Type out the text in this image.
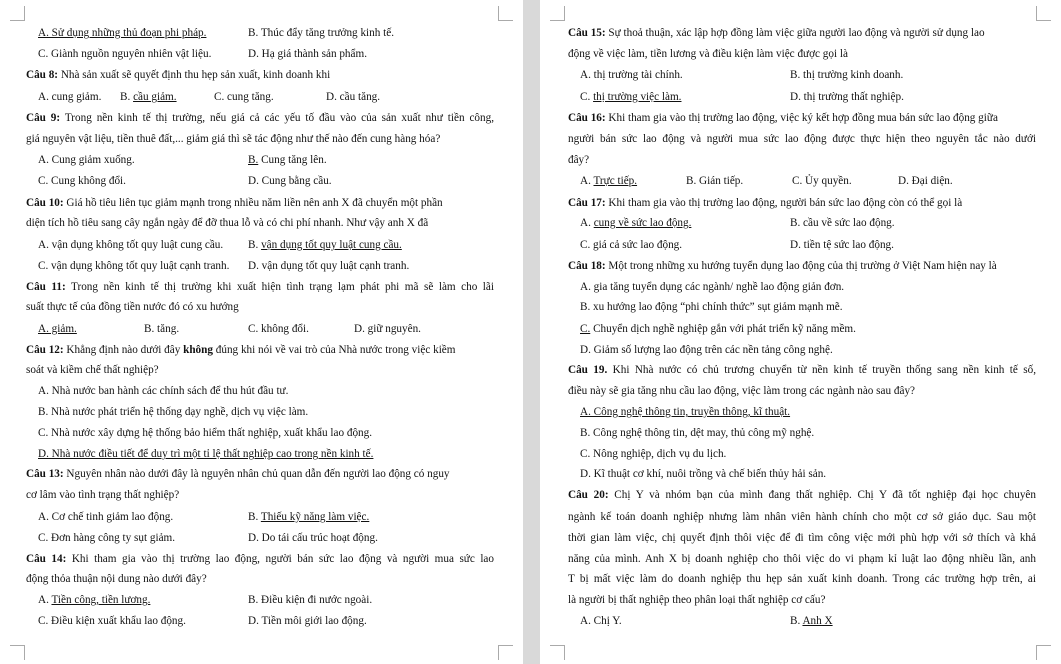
A. Sử dụng những thủ đoạn phi pháp.	B. Thúc đẩy tăng trưởng kinh tế.
C. Giành nguồn nguyên nhiên vật liệu.	D. Hạ giá thành sản phẩm.
Câu 8: Nhà sản xuất sẽ quyết định thu hẹp sản xuất, kinh doanh khi
A. cung giảm. B. cầu giảm.	C. cung tăng.	D. cầu tăng.
Câu 9: Trong nền kinh tế thị trường, nếu giá cả các yếu tố đầu vào của sản xuất như tiền công,
giá nguyên vật liệu, tiền thuê đất,... giảm giá thì sẽ tác động như thế nào đến cung hàng hóa?
A. Cung giảm xuống.	B. Cung tăng lên.
C. Cung không đổi.	D. Cung bằng cầu.
Câu 10: Giá hồ tiêu liên tục giảm mạnh trong nhiều năm liền nên anh X đã chuyển một phần
diện tích hồ tiêu sang cây ngắn ngày để đỡ thua lỗ và có chi phí nhanh. Như vậy anh X đã
A. vận dụng không tốt quy luật cung cầu. B. vận dụng tốt quy luật cung cầu.
C. vận dụng không tốt quy luật cạnh tranh. D. vận dụng tốt quy luật cạnh tranh.
Câu 11: Trong nền kinh tế thị trường khi xuất hiện tình trạng lạm phát phi mã sẽ làm cho lãi
suất thực tế của đồng tiền nước đó có xu hướng
A. giảm.	B. tăng.	C. không đổi.	D. giữ nguyên.
Câu 12: Khẳng định nào dưới đây không đúng khi nói về vai trò của Nhà nước trong việc kiềm
soát và kiềm chế thất nghiệp?
A. Nhà nước ban hành các chính sách để thu hút đầu tư.
B. Nhà nước phát triển hệ thống dạy nghề, dịch vụ việc làm.
C. Nhà nước xây dựng hệ thống bảo hiểm thất nghiệp, xuất khẩu lao động.
D. Nhà nước điều tiết để duy trì một tỉ lệ thất nghiệp cao trong nền kinh tế.
Câu 13: Nguyên nhân nào dưới đây là nguyên nhân chủ quan dẫn đến người lao động có nguy
cơ lâm vào tình trạng thất nghiệp?
A. Cơ chế tinh giảm lao động.	B. Thiếu kỹ năng làm việc.
C. Đơn hàng công ty sụt giảm.	D. Do tái cấu trúc hoạt động.
Câu 14: Khi tham gia vào thị trường lao động, người bán sức lao động và người mua sức lao
động thỏa thuận nội dung nào dưới đây?
A. Tiền công, tiền lương.	B. Điều kiện đi nước ngoài.
C. Điều kiện xuất khẩu lao động.	D. Tiền môi giới lao động.
Câu 15: Sự thoả thuận, xác lập hợp đồng làm việc giữa người lao động và người sử dụng lao
động về việc làm, tiền lương và điều kiện làm việc được gọi là
A. thị trường tài chính.	B. thị trường kinh doanh.
C. thị trường việc làm.	D. thị trường thất nghiệp.
Câu 16: Khi tham gia vào thị trường lao động, việc ký kết hợp đồng mua bán sức lao động giữa
người bán sức lao động và người mua sức lao động được thực hiện theo nguyên tắc nào dưới
đây?
A. Trực tiếp.	B. Gián tiếp.	C. Ủy quyền.	D. Đại diện.
Câu 17: Khi tham gia vào thị trường lao động, người bán sức lao động còn có thể gọi là
A. cung về sức lao động.	B. cầu về sức lao động.
C. giá cả sức lao động.	D. tiền tệ sức lao động.
Câu 18: Một trong những xu hướng tuyển dụng lao động của thị trường ở Việt Nam hiện nay là
A. gia tăng tuyển dụng các ngành/ nghề lao động giản đơn.
B. xu hướng lao động “phi chính thức” sụt giảm mạnh mẽ.
C. Chuyển dịch nghề nghiệp gắn với phát triển kỹ năng mềm.
D. Giảm số lượng lao động trên các nền tảng công nghệ.
Câu 19. Khi Nhà nước có chủ trương chuyển từ nền kinh tế truyền thống sang nền kinh tế số,
điều này sẽ gia tăng nhu cầu lao động, việc làm trong các ngành nào sau đây?
A. Công nghệ thông tin, truyền thông, kĩ thuật.
B. Công nghệ thông tin, dệt may, thủ công mỹ nghệ.
C. Nông nghiệp, dịch vụ du lịch.
D. Kĩ thuật cơ khí, nuôi trồng và chế biến thủy hải sản.
Câu 20: Chị Y và nhóm bạn của mình đang thất nghiệp. Chị Y đã tốt nghiệp đại học chuyên
ngành kế toán doanh nghiệp nhưng làm nhân viên hành chính cho một cơ sở giáo dục. Sau một
thời gian làm việc, chị quyết định thôi việc để đi tìm công việc mới phù hợp với sở thích và khả
năng của mình. Anh X bị doanh nghiệp cho thôi việc do vi phạm kỉ luật lao động nhiều lần, anh
T bị mất việc làm do doanh nghiệp thu hẹp sản xuất kinh doanh. Trong các trường hợp trên, ai
là người bị thất nghiệp theo phân loại thất nghiệp cơ cấu?
A. Chị Y.	B. Anh X
